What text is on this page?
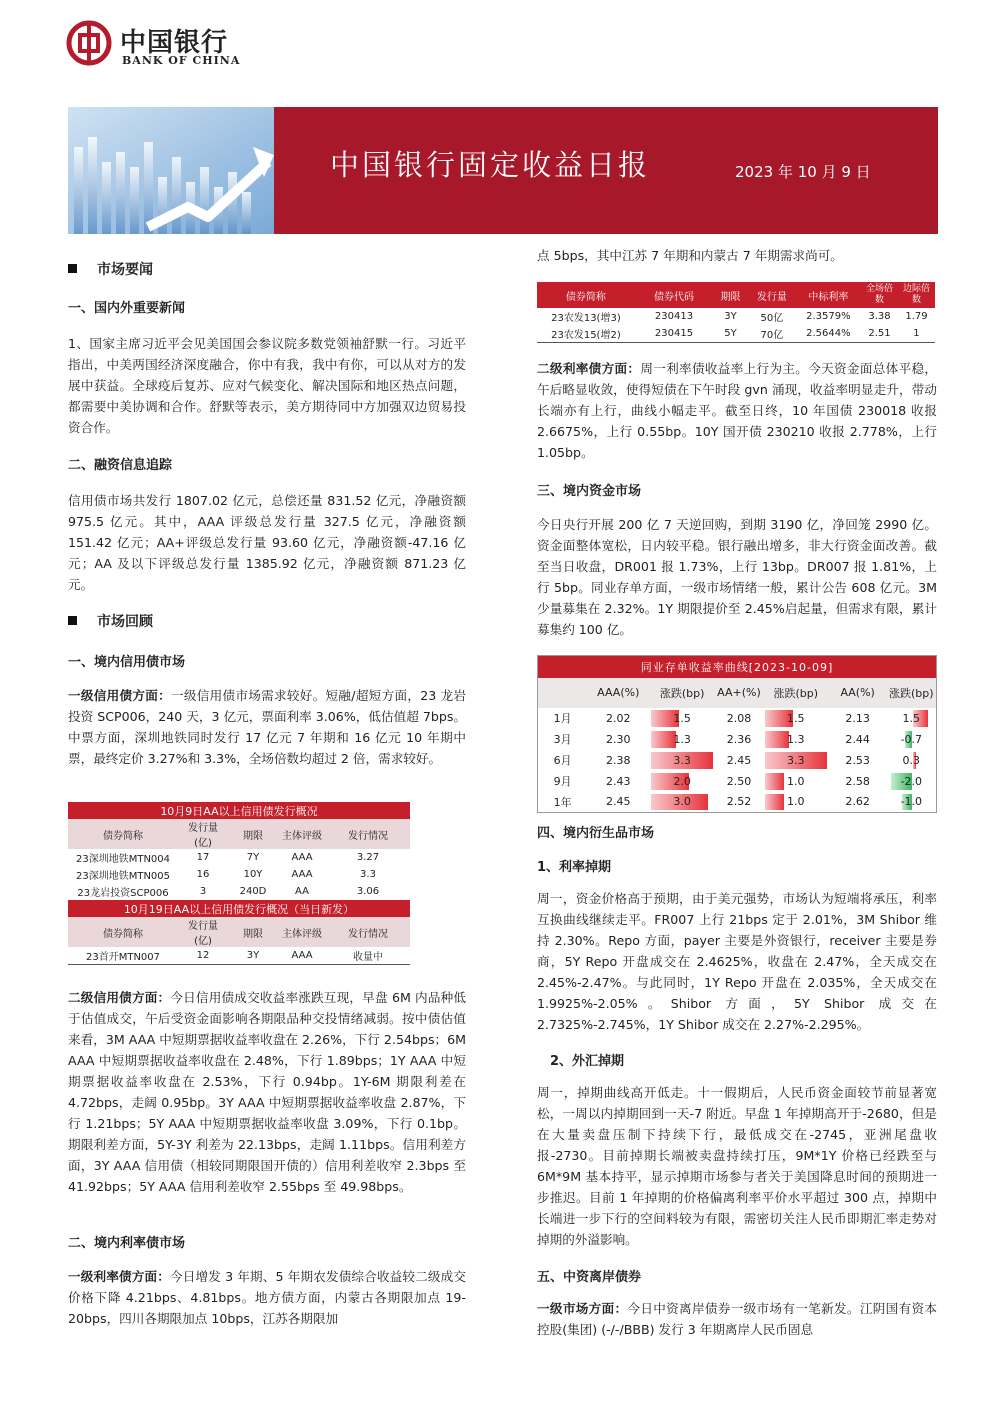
中国银行
BANK OF CHINA
中国银行固定收益日报	2023 年 10 月 9 日
市场要闻
一、国内外重要新闻
1、国家主席习近平会见美国国会参议院多数党领袖舒默一行。习近平指出，中美两国经济深度融合，你中有我，我中有你，可以从对方的发展中获益。全球疫后复苏、应对气候变化、解决国际和地区热点问题，都需要中美协调和合作。舒默等表示，美方期待同中方加强双边贸易投资合作。
二、融资信息追踪
信用债市场共发行 1807.02 亿元，总偿还量 831.52 亿元，净融资额 975.5 亿元。其中，AAA 评级总发行量 327.5 亿元，净融资额 151.42 亿元；AA+评级总发行量 93.60 亿元，净融资额-47.16 亿元；AA 及以下评级总发行量 1385.92 亿元，净融资额 871.23 亿元。
市场回顾
一、境内信用债市场
一级信用债方面：一级信用债市场需求较好。短融/超短方面，23 龙岩投资 SCP006，240 天，3 亿元，票面利率 3.06%，低估值超 7bps。中票方面，深圳地铁同时发行 17 亿元 7 年期和 16 亿元 10 年期中票，最终定价 3.27%和 3.3%，全场倍数均超过 2 倍，需求较好。
10月9日AA以上信用债发行概况				
债券简称	发行量(亿)	期限	主体评级	发行情况
23深圳地铁MTN004	17	7Y	AAA	3.27
23深圳地铁MTN005	16	10Y	AAA	3.3
23龙岩投资SCP006	3	240D	AA	3.06
10月19日AA以上信用债发行概况（当日新发）				
债券简称	发行量(亿)	期限	主体评级	发行情况
23首开MTN007	12	3Y	AAA	收量中
二级信用债方面：今日信用债成交收益率涨跌互现，早盘 6M 内品种低于估值成交，午后受资金面影响各期限品种交投情绪减弱。按中债估值来看，3M AAA 中短期票据收益率收盘在 2.26%，下行 2.54bps；6M AAA 中短期票据收益率收盘在 2.48%，下行 1.89bps；1Y AAA 中短期票据收益率收盘在 2.53%，下行 0.94bp。1Y-6M 期限利差在 4.72bps，走阔 0.95bp。3Y AAA 中短期票据收益率收盘 2.87%，下行 1.21bps；5Y AAA 中短期票据收益率收盘 3.09%，下行 0.1bp。期限利差方面，5Y-3Y 利差为 22.13bps，走阔 1.11bps。信用利差方面，3Y AAA 信用债（相较同期限国开债的）信用利差收窄 2.3bps 至 41.92bps；5Y AAA 信用利差收窄 2.55bps 至 49.98bps。
二、境内利率债市场
一级利率债方面：今日增发 3 年期、5 年期农发债综合收益较二级成交价格下降 4.21bps、4.81bps。地方债方面，内蒙古各期限加点 19-20bps，四川各期限加点 10bps，江苏各期限加
点 5bps，其中江苏 7 年期和内蒙古 7 年期需求尚可。
债券简称	债券代码	期限	发行量	中标利率	全场倍数	边际倍数
23农发13(增3)	230413	3Y	50亿	2.3579%	3.38	1.79
23农发15(增2)	230415	5Y	70亿	2.5644%	2.51	1
二级利率债方面：周一利率债收益率上行为主。今天资金面总体平稳，午后略显收敛，使得短债在下午时段 gvn 涌现，收益率明显走升，带动长端亦有上行，曲线小幅走平。截至日终，10 年国债 230018 收报 2.6675%，上行 0.55bp。10Y 国开债 230210 收报 2.778%，上行 1.05bp。
三、境内资金市场
今日央行开展 200 亿 7 天逆回购，到期 3190 亿，净回笼 2990 亿。资金面整体宽松，日内较平稳。银行融出增多，非大行资金面改善。截至当日收盘，DR001 报 1.73%，上行 13bp。DR007 报 1.81%，上行 5bp。同业存单方面，一级市场情绪一般，累计公告 608 亿元。3M 少量募集在 2.32%。1Y 期限提价至 2.45%启起量，但需求有限，累计募集约 100 亿。
同业存单收益率曲线[2023-10-09]						
	AAA(%)	涨跌(bp)	AA+(%)	涨跌(bp)	AA(%)	涨跌(bp)
1月	2.02	1.5	2.08	1.5	2.13	1.5
3月	2.30	1.3	2.36	1.3	2.44	-0.7
6月	2.38	3.3	2.45	3.3	2.53	0.3
9月	2.43	2.0	2.50	1.0	2.58	-2.0
1年	2.45	3.0	2.52	1.0	2.62	-1.0
四、境内衍生品市场
1、利率掉期
周一，资金价格高于预期，由于美元强势，市场认为短端将承压，利率互换曲线继续走平。FR007 上行 21bps 定于 2.01%，3M Shibor 维持 2.30%。Repo 方面，payer 主要是外资银行，receiver 主要是券商，5Y Repo 开盘成交在 2.4625%，收盘在 2.47%，全天成交在 2.45%-2.47%。与此同时，1Y Repo 开盘在 2.035%，全天成交在 1.9925%-2.05%。Shibor 方面，5Y Shibor 成交在 2.7325%-2.745%，1Y Shibor 成交在 2.27%-2.295%。
2、外汇掉期
周一，掉期曲线高开低走。十一假期后，人民币资金面较节前显著宽松，一周以内掉期回到一天-7 附近。早盘 1 年掉期高开于-2680，但是在大量卖盘压制下持续下行，最低成交在-2745，亚洲尾盘收报-2730。目前掉期长端被卖盘持续打压，9M*1Y 价格已经跌至与 6M*9M 基本持平，显示掉期市场参与者关于美国降息时间的预期进一步推迟。目前 1 年掉期的价格偏离利率平价水平超过 300 点，掉期中长端进一步下行的空间料较为有限，需密切关注人民币即期汇率走势对掉期的外溢影响。
五、中资离岸债券
一级市场方面：今日中资离岸债券一级市场有一笔新发。江阴国有资本控股(集团) (-/-/BBB) 发行 3 年期离岸人民币固息
